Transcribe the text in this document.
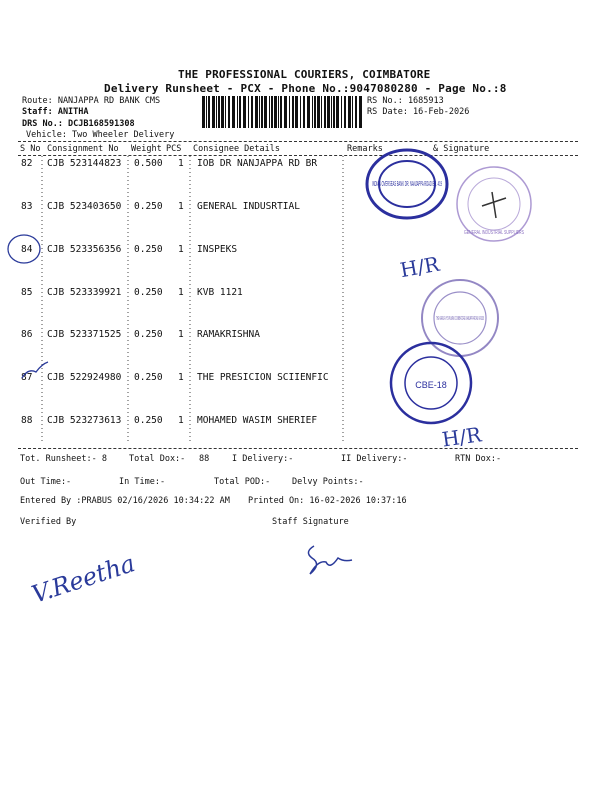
THE PROFESSIONAL COURIERS, COIMBATORE
Delivery Runsheet - PCX - Phone No.:9047080280 - Page No.:8
Route: NANJAPPA RD BANK CMS
Staff: ANITHA
DRS No.: DCJB168591308
Vehicle: Two Wheeler Delivery
RS No.: 1685913
RS Date: 16-Feb-2026
S No Consignment No Weight PCS Consignee Details	Remarks	& Signature
82 CJB 523144823 0.500 1 IOB DR NANJAPPA RD BR
83 CJB 523403650 0.250 1 GENERAL INDUSRTIAL
84 CJB 523356356 0.250 1 INSPEKS
85 CJB 523339921 0.250 1 KVB 1121
86 CJB 523371525 0.250 1 RAMAKRISHNA
87 CJB 522924980 0.250 1 THE PRESICION SCIIENFIC
88 CJB 523273613 0.250 1 MOHAMED WASIM SHERIEF
Tot. Runsheet:- 8	Total Dox:- 88	I Delivery:-	II Delivery:-	RTN Dox:-
Out Time:-	In Time:-	Total POD:-	Delvy Points:-
Entered By :PRABUS 02/16/2026 10:34:22 AM Printed On: 16-02-2026 10:37:16
Verified By	Staff Signature
H/R
H/R
V.Reetha
INDIAN OVERSEAS BANK DR. NANJAPPA ROAD BR. 419
GENERAL INDUSTRIAL SUPPLIERS
THE KARUR VYSYA BANK COIMBATORE NANJAPPA ROAD 641018
CBE-18
